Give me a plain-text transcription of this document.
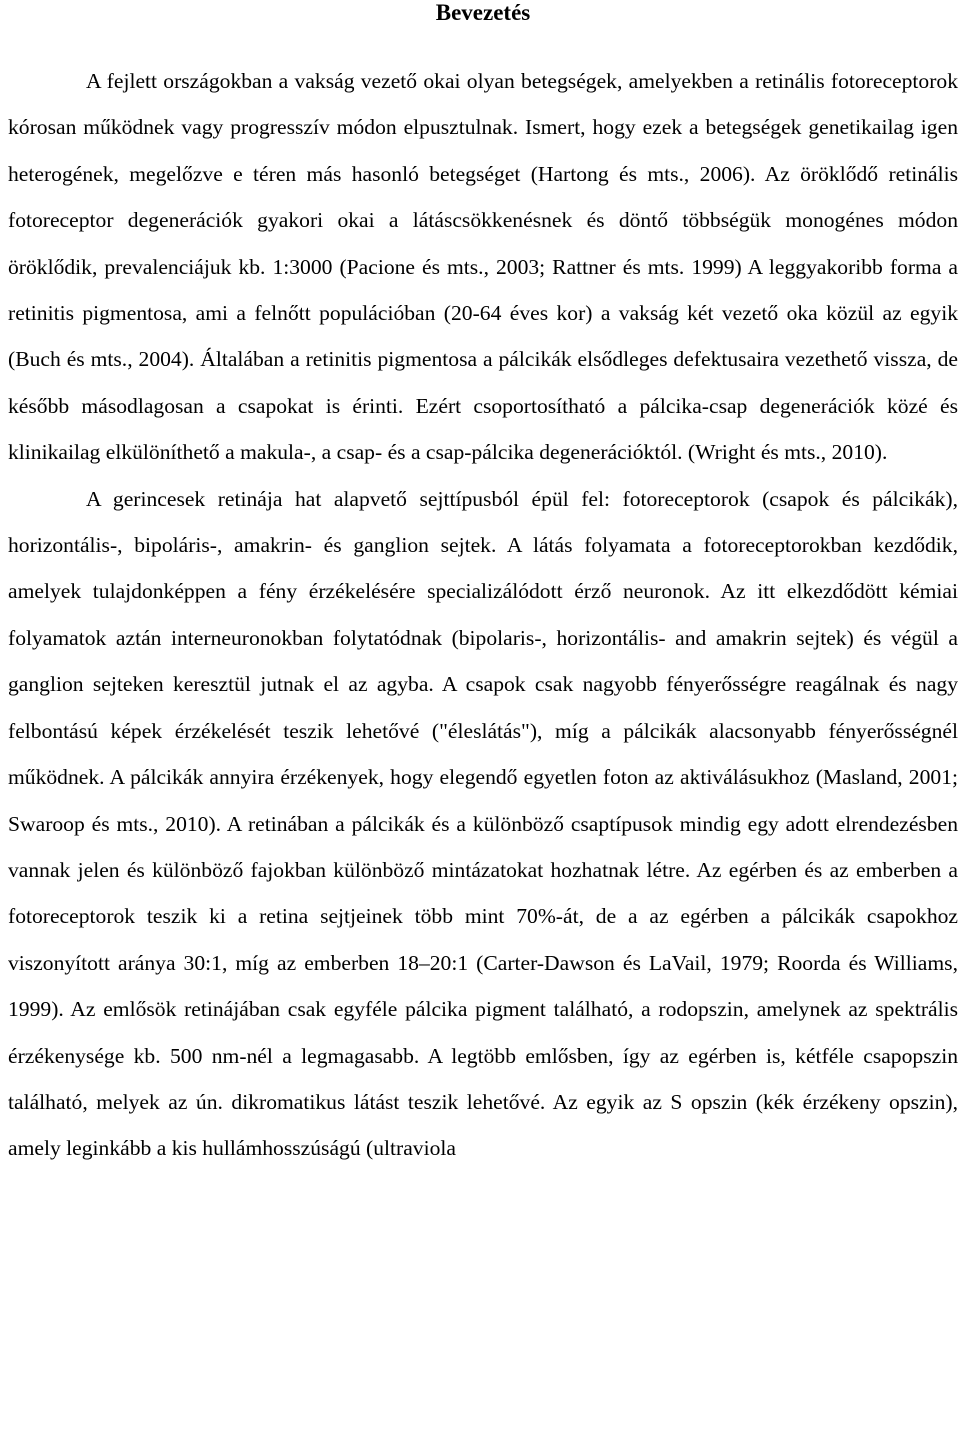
Bevezetés

A fejlett országokban a vakság vezető okai olyan betegségek, amelyekben a retinális fotoreceptorok kórosan működnek vagy progresszív módon elpusztulnak. Ismert, hogy ezek a betegségek genetikailag igen heterogének, megelőzve e téren más hasonló betegséget (Hartong és mts., 2006). Az öröklődő retinális fotoreceptor degenerációk gyakori okai a látáscsökkenésnek és döntő többségük monogénes módon öröklődik, prevalenciájuk kb. 1:3000 (Pacione és mts., 2003; Rattner és mts. 1999) A leggyakoribb forma a retinitis pigmentosa, ami a felnőtt populációban (20-64 éves kor) a vakság két vezető oka közül az egyik (Buch és mts., 2004). Általában a retinitis pigmentosa a pálcikák elsődleges defektusaira vezethető vissza, de később másodlagosan a csapokat is érinti. Ezért csoportosítható a pálcika-csap degenerációk közé és klinikailag elkülöníthető a makula-, a csap- és a csap-pálcika degenerációktól. (Wright és mts., 2010).

A gerincesek retinája hat alapvető sejttípusból épül fel: fotoreceptorok (csapok és pálcikák), horizontális-, bipoláris-, amakrin- és ganglion sejtek. A látás folyamata a fotoreceptorokban kezdődik, amelyek tulajdonképpen a fény érzékelésére specializálódott érző neuronok. Az itt elkezdődött kémiai folyamatok aztán interneuronokban folytatódnak (bipolaris-, horizontális- and amakrin sejtek) és végül a ganglion sejteken keresztül jutnak el az agyba. A csapok csak nagyobb fényerősségre reagálnak és nagy felbontású képek érzékelését teszik lehetővé ("éleslátás"), míg a pálcikák alacsonyabb fényerősségnél működnek. A pálcikák annyira érzékenyek, hogy elegendő egyetlen foton az aktiválásukhoz (Masland, 2001; Swaroop és mts., 2010). A retinában a pálcikák és a különböző csaptípusok mindig egy adott elrendezésben vannak jelen és különböző fajokban különböző mintázatokat hozhatnak létre. Az egérben és az emberben a fotoreceptorok teszik ki a retina sejtjeinek több mint 70%-át, de a az egérben a pálcikák csapokhoz viszonyított aránya 30:1, míg az emberben 18–20:1 (Carter-Dawson és LaVail, 1979; Roorda és Williams, 1999). Az emlősök retinájában csak egyféle pálcika pigment található, a rodopszin, amelynek az spektrális érzékenysége kb. 500 nm-nél a legmagasabb. A legtöbb emlősben, így az egérben is, kétféle csapopszin található, melyek az ún. dikromatikus látást teszik lehetővé. Az egyik az S opszin (kék érzékeny opszin), amely leginkább a kis hullámhosszúságú (ultraviola
